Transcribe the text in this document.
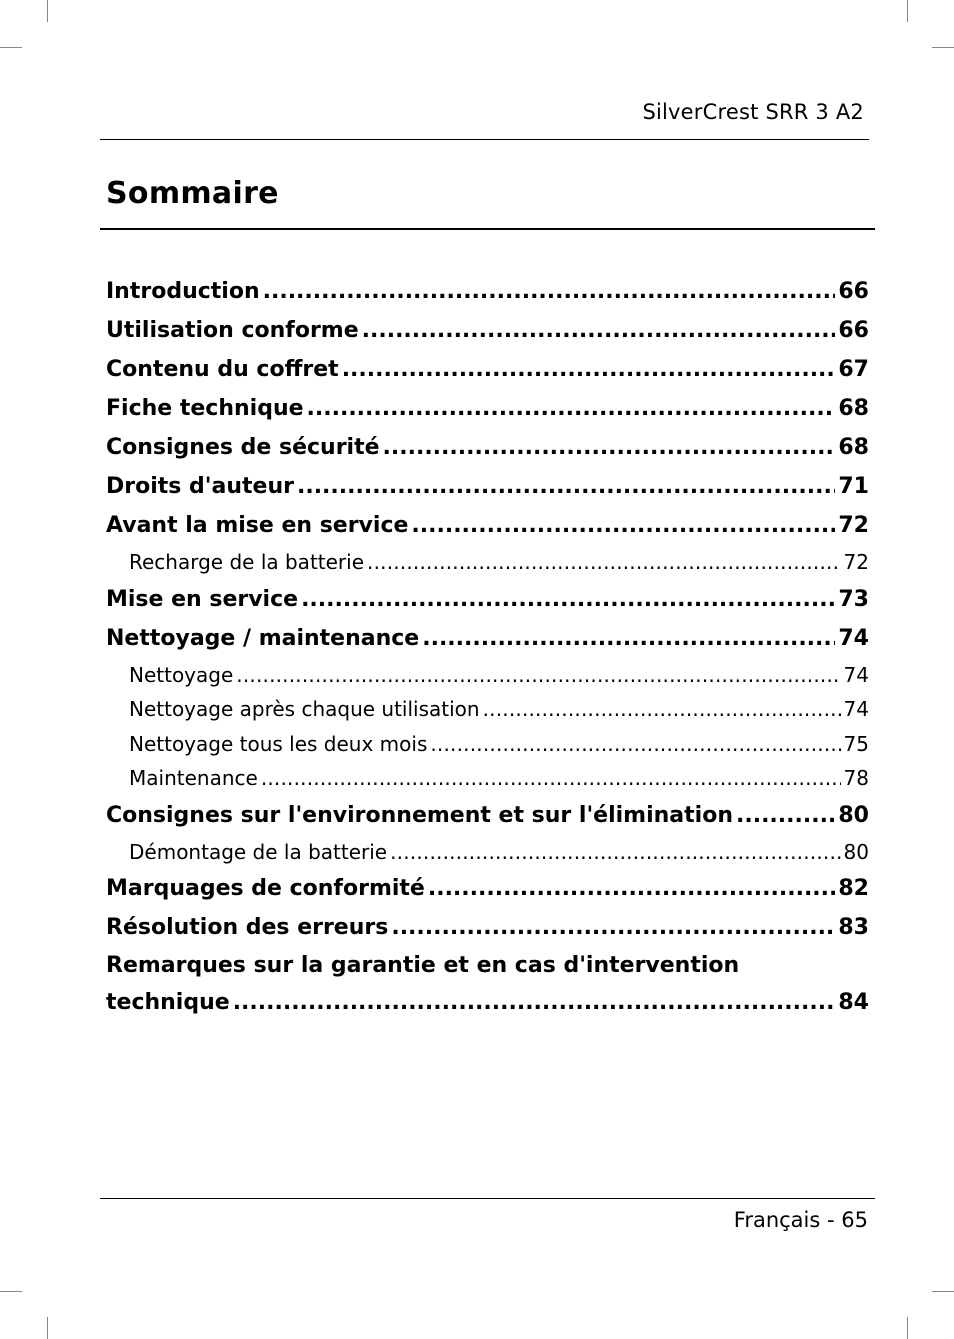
SilverCrest SRR 3 A2
Sommaire
Introduction .....	66
Utilisation conforme .....	66
Contenu du coffret .....	67
Fiche technique .....	68
Consignes de sécurité .....	68
Droits d'auteur .....	71
Avant la mise en service .....	72
Recharge de la batterie .....	72
Mise en service .....	73
Nettoyage / maintenance .....	74
Nettoyage .....	74
Nettoyage après chaque utilisation .....	74
Nettoyage tous les deux mois .....	75
Maintenance .....	78
Consignes sur l'environnement et sur l'élimination .....	80
Démontage de la batterie .....	80
Marquages de conformité .....	82
Résolution des erreurs .....	83
Remarques sur la garantie et en cas d'intervention
technique .....	84
Français - 65
